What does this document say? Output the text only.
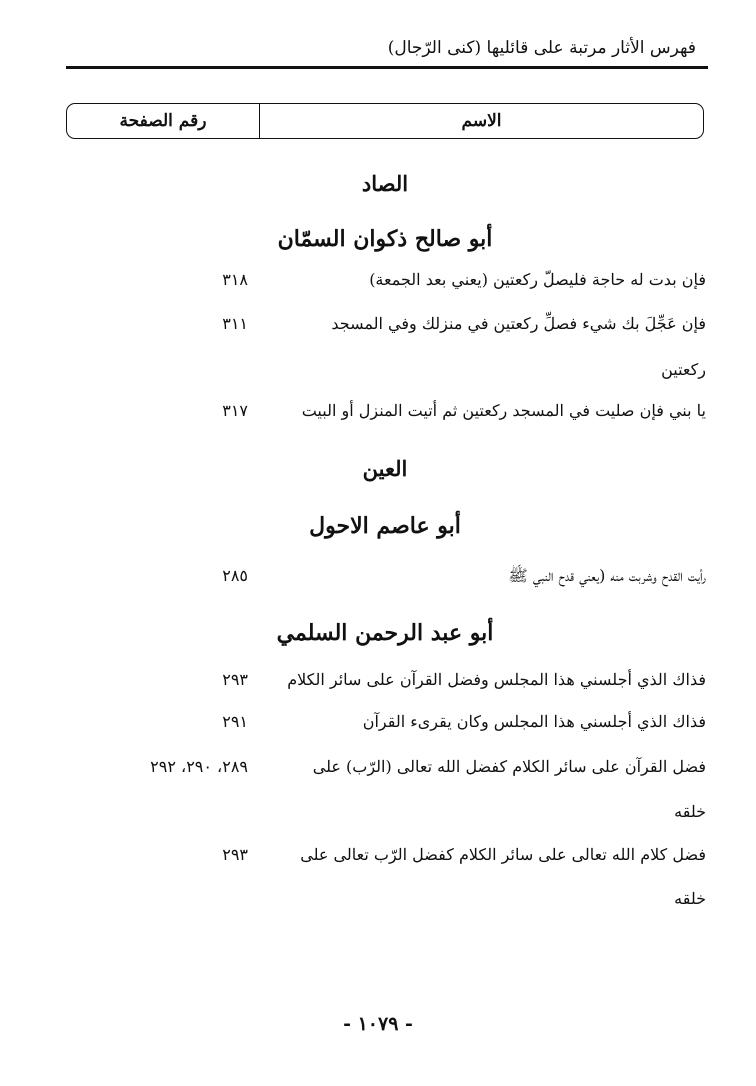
فهرس الأثار مرتبة على قائليها (كنى الرّجال)
الاسم
رقم الصفحة
الصاد
أبو صالح ذكوان السمّان
فإن بدت له حاجة فليصلّ ركعتين (يعني بعد الجمعة)
٣١٨
فإن عَجِّلَ بك شيء فصلِّ ركعتين في منزلك وفي المسجد
٣١١
ركعتين
يا بني فإن صليت في المسجد ركعتين ثم أتيت المنزل أو البيت
٣١٧
العين
أبو عاصم الاحول
رأيت القدح وشربت منه (يعني قدح النبي ﷺ
٢٨٥
أبو عبد الرحمن السلمي
فذاك الذي أجلسني هذا المجلس وفضل القرآن على سائر الكلام
٢٩٣
فذاك الذي أجلسني هذا المجلس وكان يقرىء القرآن
٢٩١
فضل القرآن على سائر الكلام كفضل الله تعالى (الرّب) على
٢٨٩، ٢٩٠، ٢٩٢
خلقه
فضل كلام الله تعالى على سائر الكلام كفضل الرّب تعالى على
٢٩٣
خلقه
- ١٠٧٩ -
